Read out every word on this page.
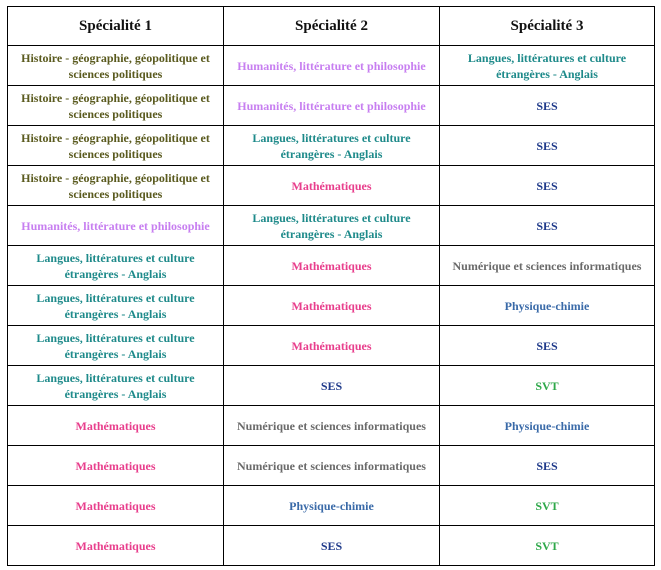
Spécialité 1	Spécialité 2	Spécialité 3

Histoire - géographie, géopolitique et sciences politiques	Humanités, littérature et philosophie	Langues, littératures et culture étrangères - Anglais

Histoire - géographie, géopolitique et sciences politiques	Humanités, littérature et philosophie	SES

Histoire - géographie, géopolitique et sciences politiques	Langues, littératures et culture étrangères - Anglais	SES

Histoire - géographie, géopolitique et sciences politiques	Mathématiques	SES

Humanités, littérature et philosophie	Langues, littératures et culture étrangères - Anglais	SES

Langues, littératures et culture étrangères - Anglais	Mathématiques	Numérique et sciences informatiques

Langues, littératures et culture étrangères - Anglais	Mathématiques	Physique-chimie

Langues, littératures et culture étrangères - Anglais	Mathématiques	SES

Langues, littératures et culture étrangères - Anglais	SES	SVT

Mathématiques	Numérique et sciences informatiques	Physique-chimie

Mathématiques	Numérique et sciences informatiques	SES

Mathématiques	Physique-chimie	SVT

Mathématiques	SES	SVT
